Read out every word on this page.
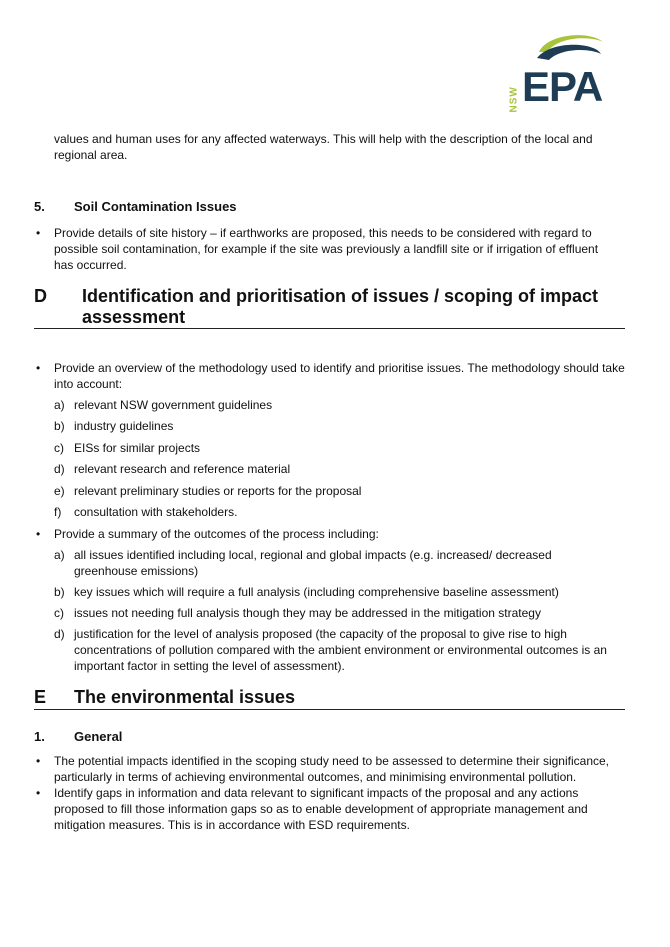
NSW EPA
values and human uses for any affected waterways. This will help with the description of the local and regional area.
5. Soil Contamination Issues
• Provide details of site history – if earthworks are proposed, this needs to be considered with regard to possible soil contamination, for example if the site was previously a landfill site or if irrigation of effluent has occurred.
D Identification and prioritisation of issues / scoping of impact assessment
• Provide an overview of the methodology used to identify and prioritise issues. The methodology should take into account:
a) relevant NSW government guidelines
b) industry guidelines
c) EISs for similar projects
d) relevant research and reference material
e) relevant preliminary studies or reports for the proposal
f) consultation with stakeholders.
• Provide a summary of the outcomes of the process including:
a) all issues identified including local, regional and global impacts (e.g. increased/ decreased greenhouse emissions)
b) key issues which will require a full analysis (including comprehensive baseline assessment)
c) issues not needing full analysis though they may be addressed in the mitigation strategy
d) justification for the level of analysis proposed (the capacity of the proposal to give rise to high concentrations of pollution compared with the ambient environment or environmental outcomes is an important factor in setting the level of assessment).
E The environmental issues
1. General
• The potential impacts identified in the scoping study need to be assessed to determine their significance, particularly in terms of achieving environmental outcomes, and minimising environmental pollution.
• Identify gaps in information and data relevant to significant impacts of the proposal and any actions proposed to fill those information gaps so as to enable development of appropriate management and mitigation measures. This is in accordance with ESD requirements.
